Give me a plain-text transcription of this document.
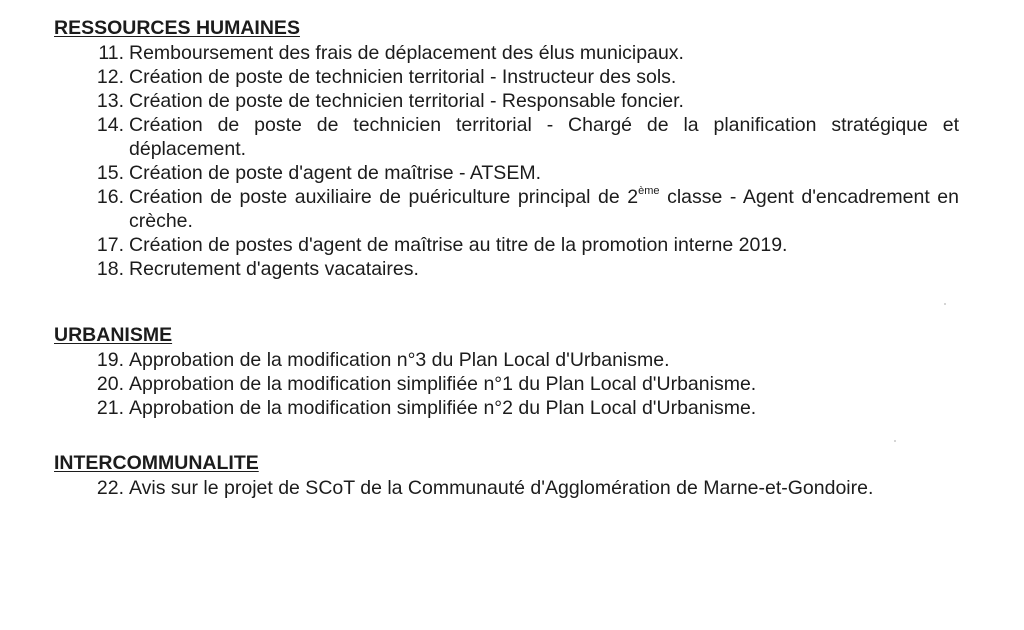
RESSOURCES HUMAINES
11. Remboursement des frais de déplacement des élus municipaux.
12. Création de poste de technicien territorial - Instructeur des sols.
13. Création de poste de technicien territorial - Responsable foncier.
14. Création de poste de technicien territorial - Chargé de la planification stratégique et déplacement.
15. Création de poste d'agent de maîtrise - ATSEM.
16. Création de poste auxiliaire de puériculture principal de 2ème classe - Agent d'encadrement en crèche.
17. Création de postes d'agent de maîtrise au titre de la promotion interne 2019.
18. Recrutement d'agents vacataires.
URBANISME
19. Approbation de la modification n°3 du Plan Local d'Urbanisme.
20. Approbation de la modification simplifiée n°1 du Plan Local d'Urbanisme.
21. Approbation de la modification simplifiée n°2 du Plan Local d'Urbanisme.
INTERCOMMUNALITE
22. Avis sur le projet de SCoT de la Communauté d'Agglomération de Marne-et-Gondoire.
